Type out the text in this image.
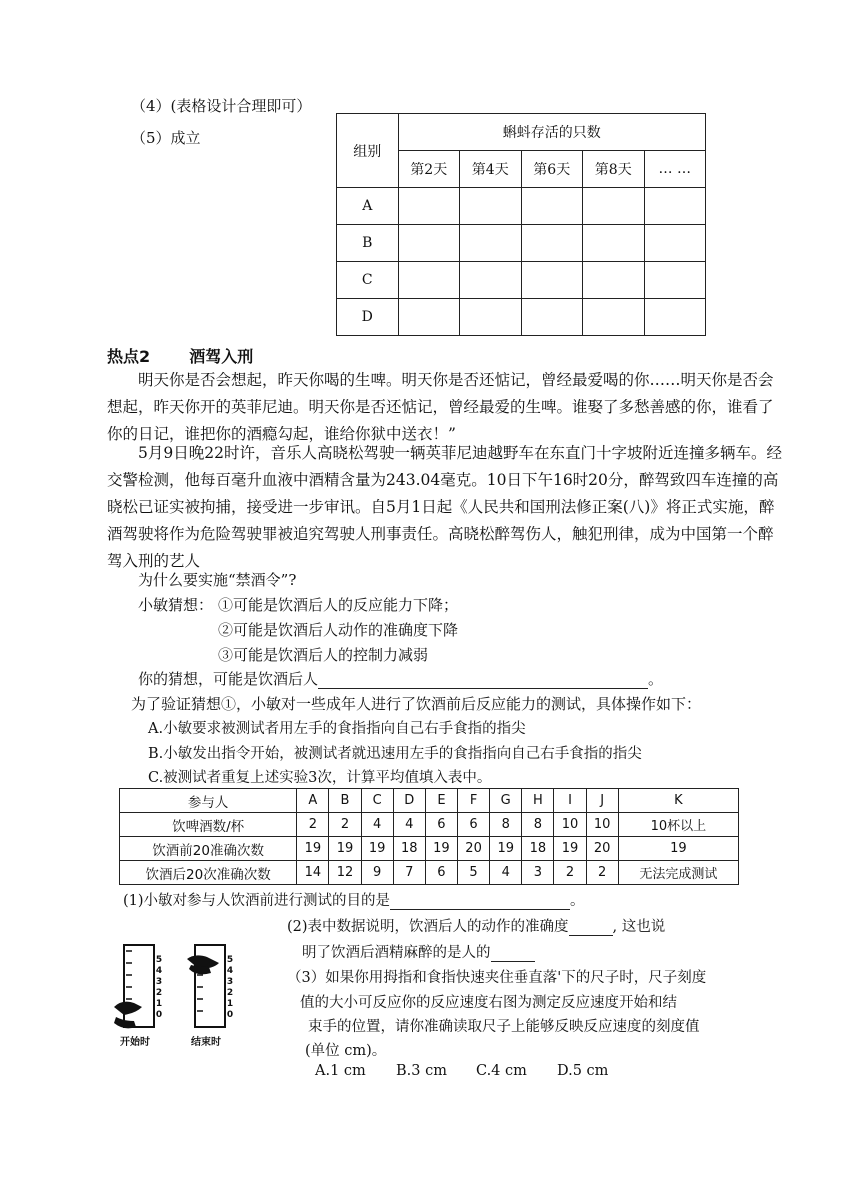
（4）(表格设计合理即可）
（5）成立
组别	蝌蚪存活的只数				
	第2天	第4天	第6天	第8天	… …
A					
B					
C					
D					
热点2 酒驾入刑
明天你是否会想起，昨天你喝的生啤。明天你是否还惦记，曾经最爱喝的你……明天你是否会想起，昨天你开的英菲尼迪。明天你是否还惦记，曾经最爱的生啤。谁娶了多愁善感的你，谁看了你的日记，谁把你的酒瘾勾起，谁给你狱中送衣！”
5月9日晚22时许，音乐人高晓松驾驶一辆英菲尼迪越野车在东直门十字坡附近连撞多辆车。经交警检测，他每百毫升血液中酒精含量为243.04毫克。10日下午16时20分，醉驾致四车连撞的高晓松已证实被拘捕，接受进一步审讯。自5月1日起《人民共和国刑法修正案(八)》将正式实施，醉酒驾驶将作为危险驾驶罪被追究驾驶人刑事责任。高晓松醉驾伤人，触犯刑律，成为中国第一个醉驾入刑的艺人
为什么要实施“禁酒令”?
小敏猜想： ①可能是饮酒后人的反应能力下降；
②可能是饮酒后人动作的准确度下降
③可能是饮酒后人的控制力减弱
你的猜想，可能是饮酒后人	。
为了验证猜想①，小敏对一些成年人进行了饮酒前后反应能力的测试，具体操作如下：
A.小敏要求被测试者用左手的食指指向自己右手食指的指尖
B.小敏发出指令开始，被测试者就迅速用左手的食指指向自己右手食指的指尖
C.被测试者重复上述实验3次，计算平均值填入表中。
参与人	A	B	C	D	E	F	G	H	I	J	K
饮啤酒数/杯	2	2	4	4	6	6	8	8	10	10	10杯以上
饮酒前20准确次数	19	19	19	18	19	20	19	18	19	20	19
饮酒后20次准确次数	14	12	9	7	6	5	4	3	2	2	无法完成测试
(1)小敏对参与人饮酒前进行测试的目的是	。
(2)表中数据说明，饮酒后人的动作的准确度	, 这也说
明了饮酒后酒精麻醉的是人的
（3）如果你用拇指和食指快速夹住垂直落'下的尺子时，尺子刻度
值的大小可反应你的反应速度右图为测定反应速度开始和结
束手的位置，请你准确读取尺子上能够反映反应速度的刻度值
(单位 cm)。
A.1 cm B.3 cm C.4 cm D.5 cm
5
4
3
2
1
0
开始时
5
4
3
2
1
0
结束时
